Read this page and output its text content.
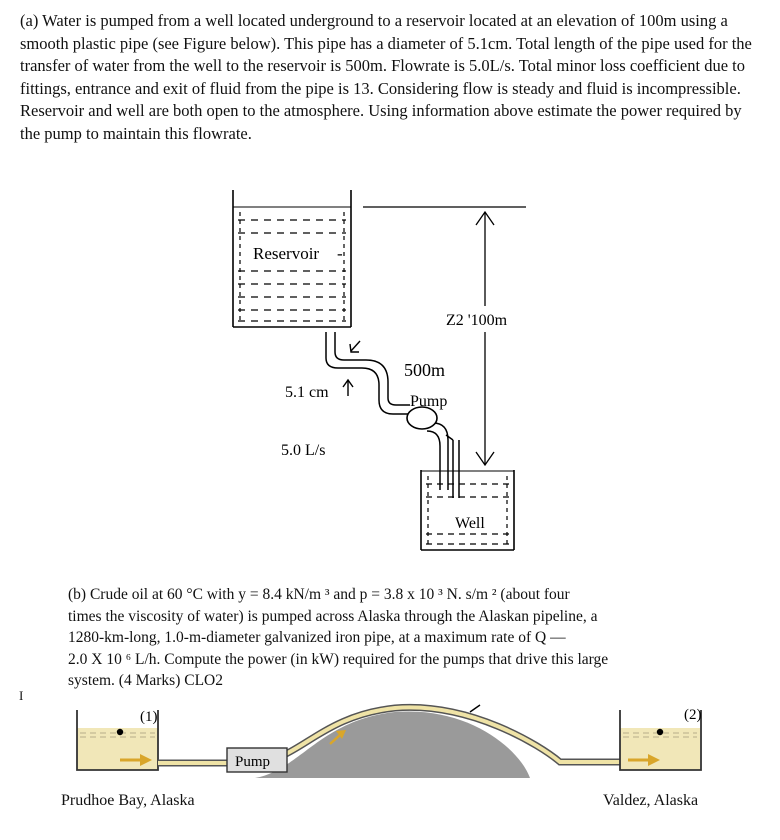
(a) Water is pumped from a well located underground to a reservoir located at an elevation of 100m using a smooth plastic pipe (see Figure below). This pipe has a diameter of 5.1cm. Total length of the pipe used for the transfer of water from the well to the reservoir is 500m. Flowrate is 5.0L/s. Total minor loss coefficient due to fittings, entrance and exit of fluid from the pipe is 13. Considering flow is steady and fluid is incompressible. Reservoir and well are both open to the atmosphere. Using information above estimate the power required by the pump to maintain this flowrate.

Reservoir -
Z2 '100m
500m
Pump
5.1 cm
5.0 L/s
Well

(b) Crude oil at 60 °C with y = 8.4 kN/m ³ and p = 3.8 x 10 ³ N. s/m ² (about four
times the viscosity of water) is pumped across Alaska through the Alaskan pipeline, a
1280-km-long, 1.0-m-diameter galvanized iron pipe, at a maximum rate of Q ―
2.0 X 10 ⁶ L/h. Compute the power (in kW) required for the pumps that drive this large
system. (4 Marks) CLO2

I
(1)
Pump
(2)
Prudhoe Bay, Alaska	Valdez, Alaska
